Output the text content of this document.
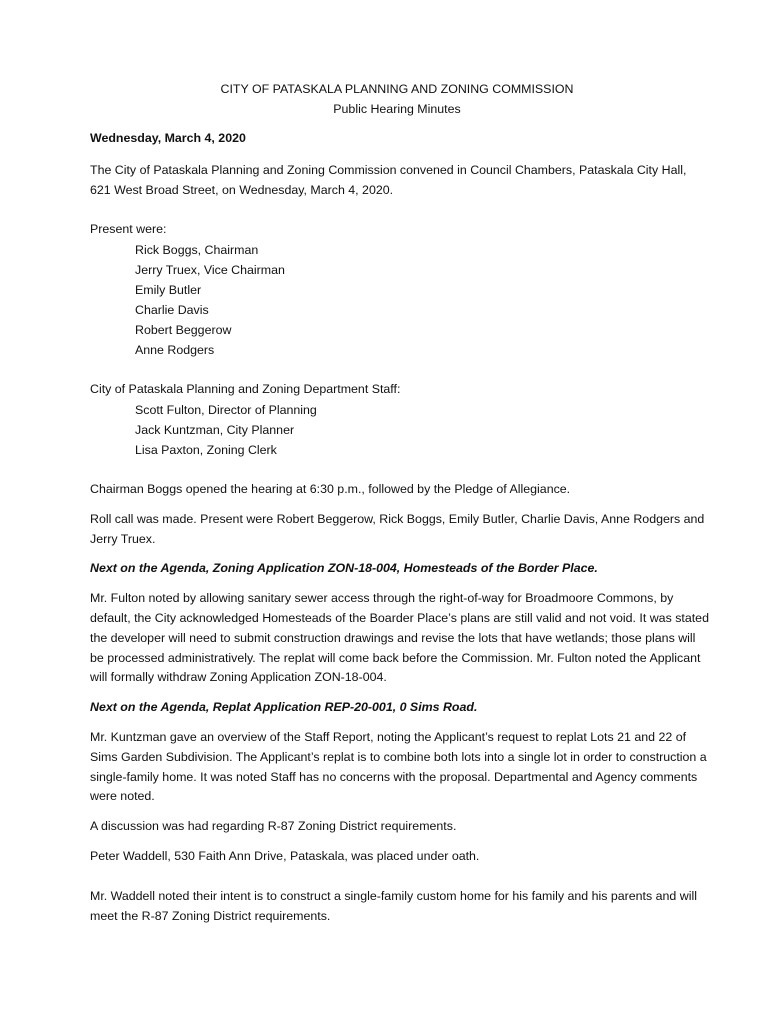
CITY OF PATASKALA PLANNING AND ZONING COMMISSION
Public Hearing Minutes

Wednesday, March 4, 2020

The City of Pataskala Planning and Zoning Commission convened in Council Chambers, Pataskala City Hall, 621 West Broad Street, on Wednesday, March 4, 2020.

Present were:
Rick Boggs, Chairman
Jerry Truex, Vice Chairman
Emily Butler
Charlie Davis
Robert Beggerow
Anne Rodgers
City of Pataskala Planning and Zoning Department Staff:
Scott Fulton, Director of Planning
Jack Kuntzman, City Planner
Lisa Paxton, Zoning Clerk

Chairman Boggs opened the hearing at 6:30 p.m., followed by the Pledge of Allegiance.

Roll call was made. Present were Robert Beggerow, Rick Boggs, Emily Butler, Charlie Davis, Anne Rodgers and Jerry Truex.

Next on the Agenda, Zoning Application ZON-18-004, Homesteads of the Border Place.

Mr. Fulton noted by allowing sanitary sewer access through the right-of-way for Broadmoore Commons, by default, the City acknowledged Homesteads of the Boarder Place’s plans are still valid and not void. It was stated the developer will need to submit construction drawings and revise the lots that have wetlands; those plans will be processed administratively. The replat will come back before the Commission. Mr. Fulton noted the Applicant will formally withdraw Zoning Application ZON-18-004.

Next on the Agenda, Replat Application REP-20-001, 0 Sims Road.

Mr. Kuntzman gave an overview of the Staff Report, noting the Applicant’s request to replat Lots 21 and 22 of Sims Garden Subdivision. The Applicant’s replat is to combine both lots into a single lot in order to construction a single-family home. It was noted Staff has no concerns with the proposal. Departmental and Agency comments were noted.

A discussion was had regarding R-87 Zoning District requirements.

Peter Waddell, 530 Faith Ann Drive, Pataskala, was placed under oath.

Mr. Waddell noted their intent is to construct a single-family custom home for his family and his parents and will meet the R-87 Zoning District requirements.
